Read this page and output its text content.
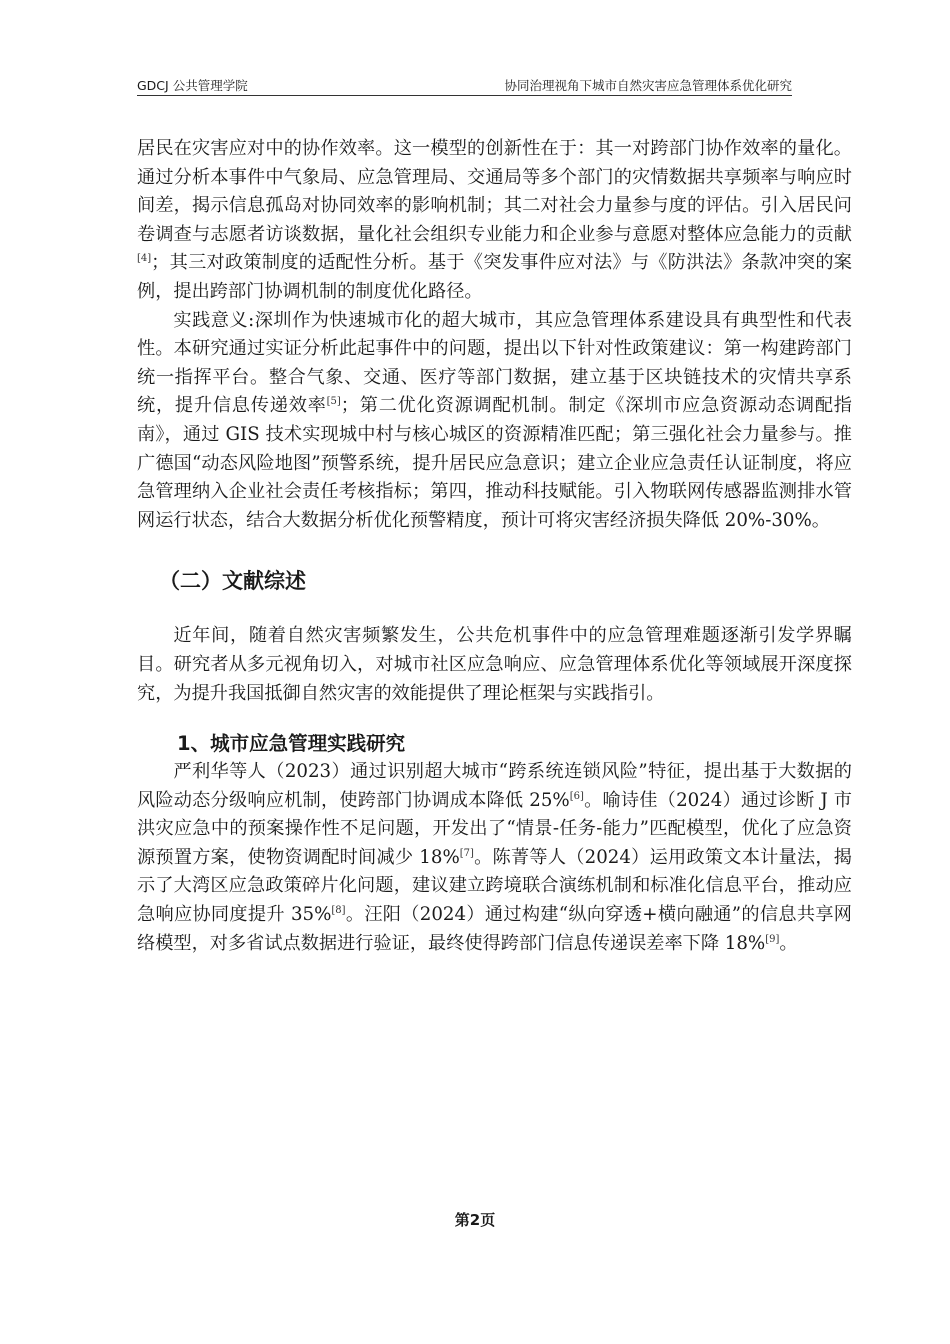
GDCJ 公共管理学院	协同治理视角下城市自然灾害应急管理体系优化研究

居民在灾害应对中的协作效率。这一模型的创新性在于：其一对跨部门协作效率的量化。通过分析本事件中气象局、应急管理局、交通局等多个部门的灾情数据共享频率与响应时间差，揭示信息孤岛对协同效率的影响机制；其二对社会力量参与度的评估。引入居民问卷调查与志愿者访谈数据，量化社会组织专业能力和企业参与意愿对整体应急能力的贡献[4]；其三对政策制度的适配性分析。基于《突发事件应对法》与《防洪法》条款冲突的案例，提出跨部门协调机制的制度优化路径。

实践意义:深圳作为快速城市化的超大城市，其应急管理体系建设具有典型性和代表性。本研究通过实证分析此起事件中的问题，提出以下针对性政策建议：第一构建跨部门统一指挥平台。整合气象、交通、医疗等部门数据，建立基于区块链技术的灾情共享系统，提升信息传递效率[5]；第二优化资源调配机制。制定《深圳市应急资源动态调配指南》，通过 GIS 技术实现城中村与核心城区的资源精准匹配；第三强化社会力量参与。推广德国“动态风险地图”预警系统，提升居民应急意识；建立企业应急责任认证制度，将应急管理纳入企业社会责任考核指标；第四，推动科技赋能。引入物联网传感器监测排水管网运行状态，结合大数据分析优化预警精度，预计可将灾害经济损失降低 20%-30%。

（二）文献综述

近年间，随着自然灾害频繁发生，公共危机事件中的应急管理难题逐渐引发学界瞩目。研究者从多元视角切入，对城市社区应急响应、应急管理体系优化等领域展开深度探究，为提升我国抵御自然灾害的效能提供了理论框架与实践指引。

1、城市应急管理实践研究

严利华等人（2023）通过识别超大城市“跨系统连锁风险”特征，提出基于大数据的风险动态分级响应机制，使跨部门协调成本降低 25%[6]。喻诗佳（2024）通过诊断 J 市洪灾应急中的预案操作性不足问题，开发出了“情景-任务-能力”匹配模型，优化了应急资源预置方案，使物资调配时间减少 18%[7]。陈菁等人（2024）运用政策文本计量法，揭示了大湾区应急政策碎片化问题，建议建立跨境联合演练机制和标准化信息平台，推动应急响应协同度提升 35%[8]。汪阳（2024）通过构建“纵向穿透+横向融通”的信息共享网络模型，对多省试点数据进行验证，最终使得跨部门信息传递误差率下降 18%[9]。

第2页
